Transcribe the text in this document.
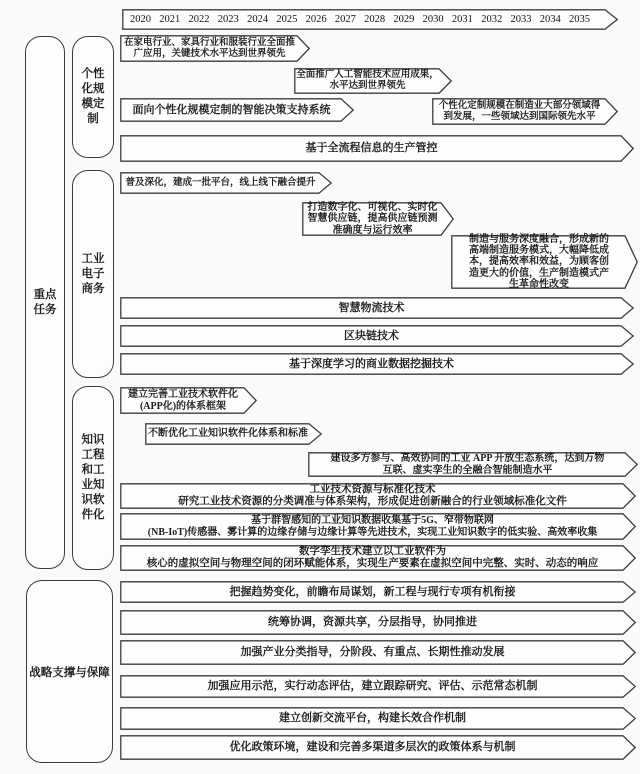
在家电行业、家具行业和服装行业全面推
广应用，关键技术水平达到世界领先
全面推广人工智能技术应用成果，
水平达到世界领先
面向个性化规模定制的智能决策支持系统	个性化定制规模在制造业大部分领域得
到发展，一些领域达到国际领先水平
基于全流程信息的生产管控
普及深化，建成一批平台，线上线下融合提升
打造数字化、可视化、实时化
智慧供应链，提高供应链预测
准确度与运行效率
制造与服务深度融合，形成新的
高端制造服务模式，大幅降低成
本，提高效率和效益，为顾客创
造更大的价值，生产制造模式产
生革命性改变
智慧物流技术
区块链技术
基于深度学习的商业数据挖掘技术
建立完善工业技术软件化
(APP化)的体系框架
不断优化工业知识软件化体系和标准
建设多方参与、高效协同的工业 APP 开放生态系统，达到万物
互联、虚实孪生的全融合智能制造水平
工业技术资源与标准化技术
研究工业技术资源的分类调准与体系架构，形成促进创新融合的行业领域标准化文件
基于群智感知的工业知识数据收集基于5G、窄带物联网
(NB-IoT)传感器、雾计算的边缘存储与边缘计算等先进技术，实现工业知识数字的低实验、高效率收集
数字孪生技术建立以工业软件为
核心的虚拟空间与物理空间的闭环赋能体系，实现生产要素在虚拟空间中完整、实时、动态的响应
把握趋势变化，前瞻布局谋划，新工程与现行专项有机衔接
统筹协调，资源共享，分层指导，协同推进
加强产业分类指导，分阶段、有重点、长期性推动发展
加强应用示范，实行动态评估，建立跟踪研究、评估、示范常态机制
建立创新交流平台，构建长效合作机制
优化政策环境，建设和完善多渠道多层次的政策体系与机制
2020 2021 2022 2023 2024 2025 2026 2027 2028 2029 2030 2031 2032 2033 2034 2035
重点任务
战略支撑与保障
个性化规模定制
工业电子商务
知识工程和工业知识软件化
